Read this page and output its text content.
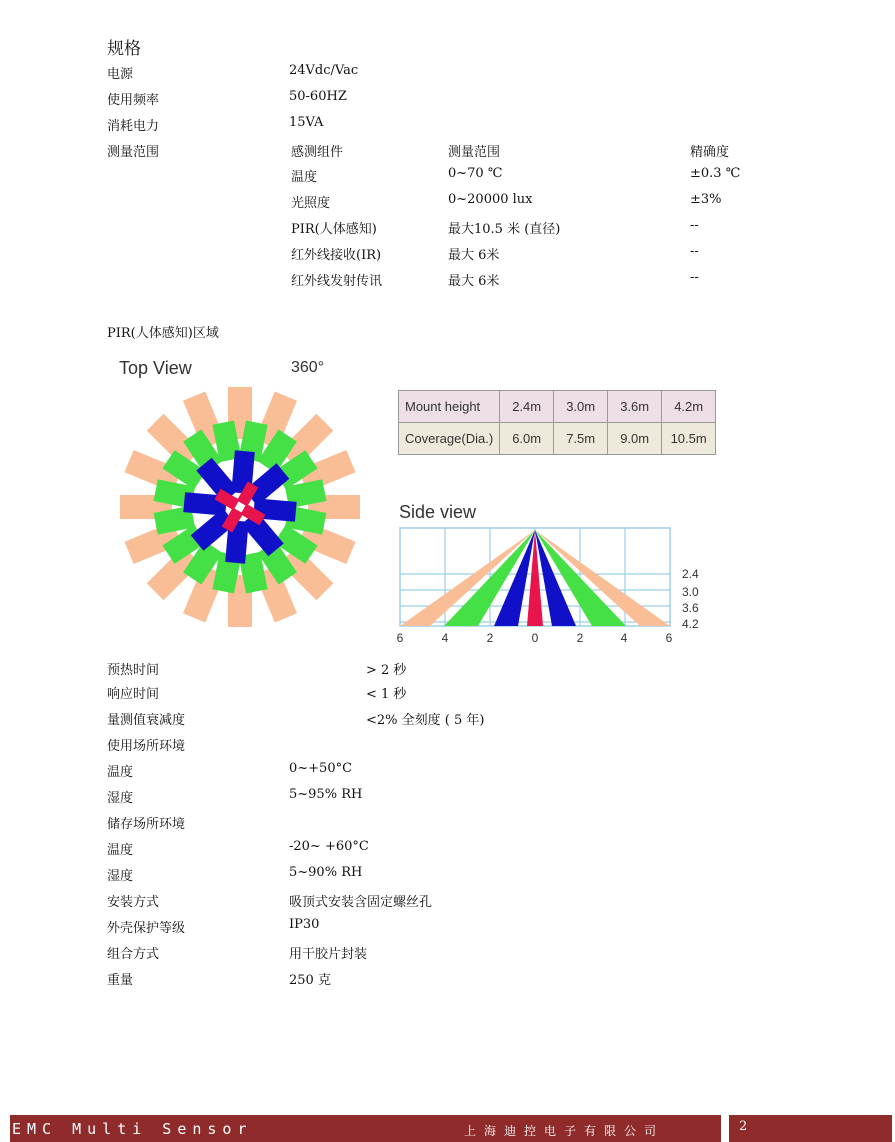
规格
电源	24Vdc/Vac
使用频率	50-60HZ
消耗电力	15VA
测量范围	感测组件	测量范围	精确度
温度	0~70 ℃	±0.3 ℃
光照度	0~20000 lux	±3%
PIR(人体感知)	最大10.5 米 (直径)	--
红外线接收(IR)	最大 6米	--
红外线发射传讯	最大 6米	--
PIR(人体感知)区域
Top View	360°
Mount height	2.4m	3.0m	3.6m	4.2m
Coverage(Dia.)	6.0m	7.5m	9.0m	10.5m
Side view
6	4	2	0	2	4	6
2.4
3.0
3.6
4.2
预热时间	> 2 秒
响应时间	< 1 秒
量测值衰减度	<2% 全刻度 ( 5 年)
使用场所环境
温度	0~+50°C
湿度	5~95% RH
储存场所环境
温度	-20~ +60°C
湿度	5~90% RH
安装方式	吸顶式安装含固定螺丝孔
外壳保护等级	IP30
组合方式	用干胶片封装
重量	250 克
EMC Multi Sensor	上海迪控电子有限公司	2
